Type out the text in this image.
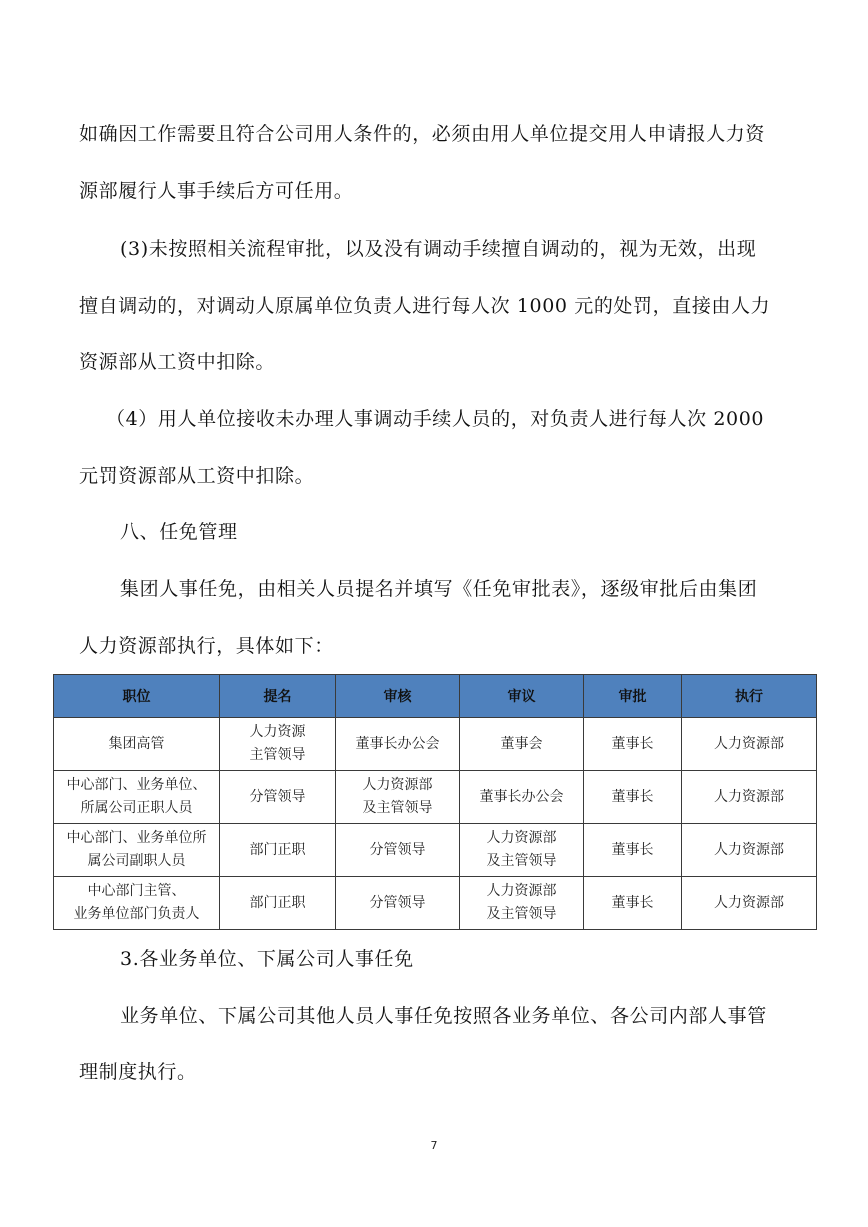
如确因工作需要且符合公司用人条件的，必须由用人单位提交用人申请报人力资
源部履行人事手续后方可任用。
(3)未按照相关流程审批，以及没有调动手续擅自调动的，视为无效，出现
擅自调动的，对调动人原属单位负责人进行每人次 1000 元的处罚，直接由人力
资源部从工资中扣除。
（4）用人单位接收未办理人事调动手续人员的，对负责人进行每人次 2000
元罚资源部从工资中扣除。
八、任免管理
集团人事任免，由相关人员提名并填写《任免审批表》，逐级审批后由集团
人力资源部执行，具体如下：
职位	提名	审核	审议	审批	执行
集团高管	人力资源
主管领导	董事长办公会	董事会	董事长	人力资源部
中心部门、业务单位、
所属公司正职人员	分管领导	人力资源部
及主管领导	董事长办公会	董事长	人力资源部
中心部门、业务单位所
属公司副职人员	部门正职	分管领导	人力资源部
及主管领导	董事长	人力资源部
中心部门主管、
业务单位部门负责人	部门正职	分管领导	人力资源部
及主管领导	董事长	人力资源部
3.各业务单位、下属公司人事任免
业务单位、下属公司其他人员人事任免按照各业务单位、各公司内部人事管
理制度执行。
7
